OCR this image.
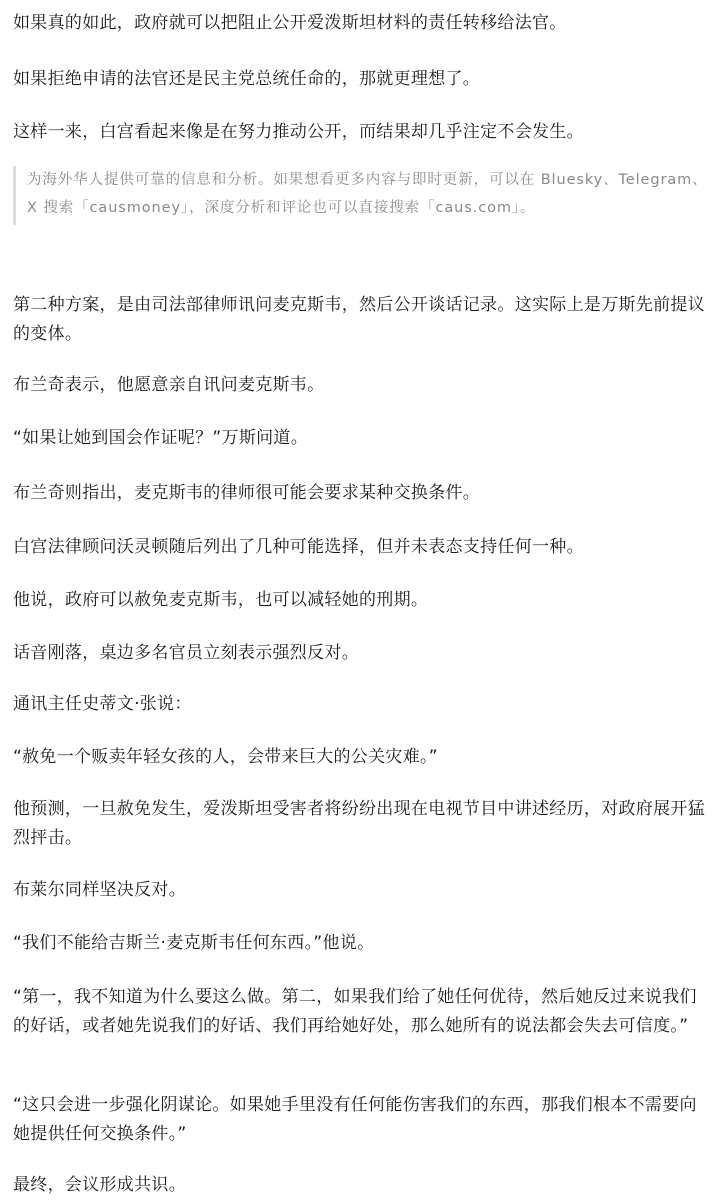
如果真的如此，政府就可以把阻止公开爱泼斯坦材料的责任转移给法官。

如果拒绝申请的法官还是民主党总统任命的，那就更理想了。

这样一来，白宫看起来像是在努力推动公开，而结果却几乎注定不会发生。

为海外华人提供可靠的信息和分析。如果想看更多内容与即时更新，可以在 Bluesky、Telegram、X 搜索「causmoney」，深度分析和评论也可以直接搜索「caus.com」。

第二种方案，是由司法部律师讯问麦克斯韦，然后公开谈话记录。这实际上是万斯先前提议的变体。

布兰奇表示，他愿意亲自讯问麦克斯韦。

“如果让她到国会作证呢？”万斯问道。

布兰奇则指出，麦克斯韦的律师很可能会要求某种交换条件。

白宫法律顾问沃灵顿随后列出了几种可能选择，但并未表态支持任何一种。

他说，政府可以赦免麦克斯韦，也可以减轻她的刑期。

话音刚落，桌边多名官员立刻表示强烈反对。

通讯主任史蒂文·张说：

“赦免一个贩卖年轻女孩的人，会带来巨大的公关灾难。”

他预测，一旦赦免发生，爱泼斯坦受害者将纷纷出现在电视节目中讲述经历，对政府展开猛烈抨击。

布莱尔同样坚决反对。

“我们不能给吉斯兰·麦克斯韦任何东西。”他说。

“第一，我不知道为什么要这么做。第二，如果我们给了她任何优待，然后她反过来说我们的好话，或者她先说我们的好话、我们再给她好处，那么她所有的说法都会失去可信度。”

“这只会进一步强化阴谋论。如果她手里没有任何能伤害我们的东西，那我们根本不需要向她提供任何交换条件。”

最终，会议形成共识。
